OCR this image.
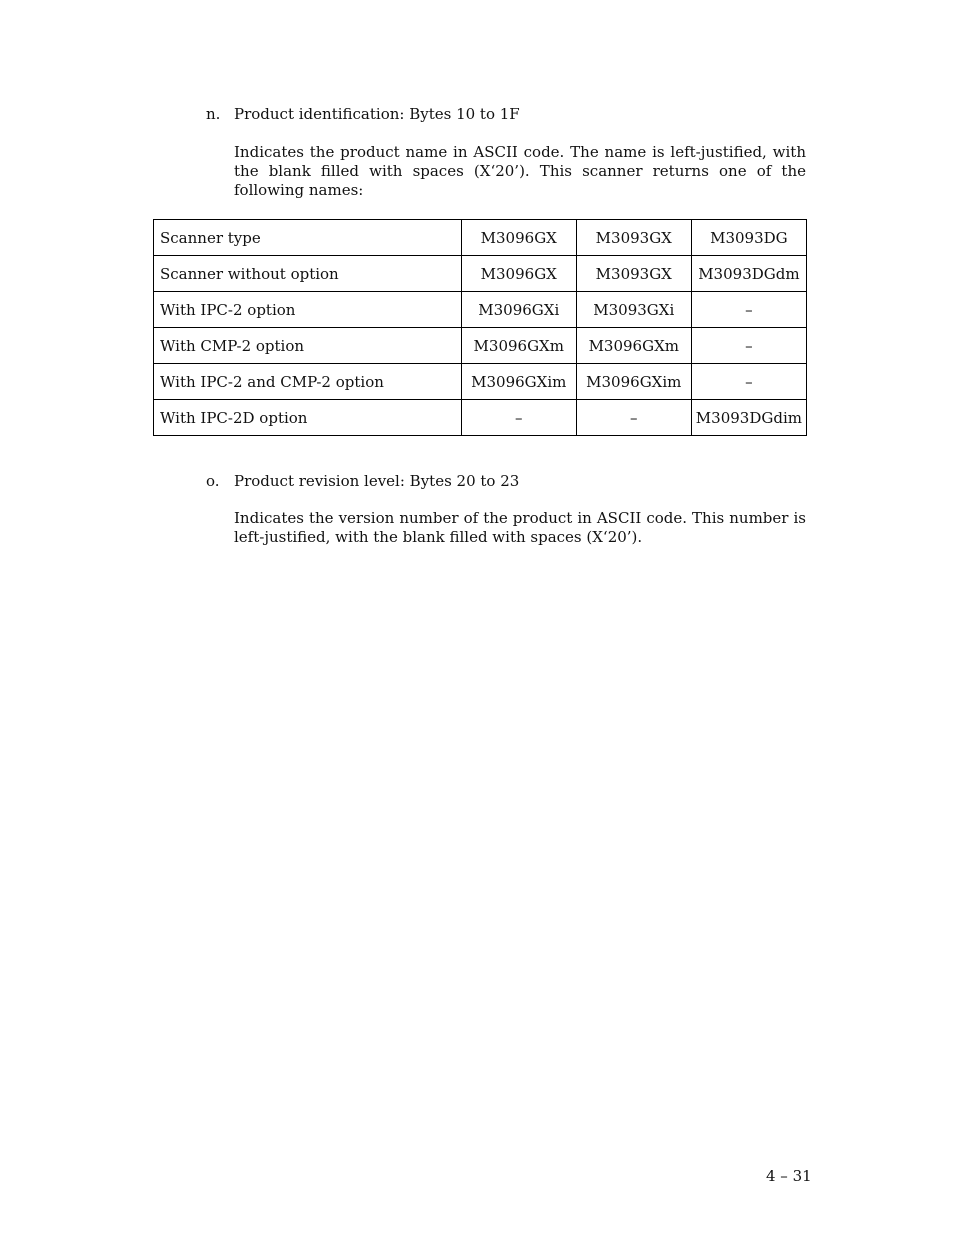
n. Product identification: Bytes 10 to 1F
Indicates the product name in ASCII code. The name is left-justified, with the blank filled with spaces (X‘20’). This scanner returns one of the following names:
Scanner type	M3096GX	M3093GX	M3093DG
Scanner without option	M3096GX	M3093GX	M3093DGdm
With IPC-2 option	M3096GXi	M3093GXi	–
With CMP-2 option	M3096GXm	M3096GXm	–
With IPC-2 and CMP-2 option	M3096GXim	M3096GXim	–
With IPC-2D option	–	–	M3093DGdim
o. Product revision level: Bytes 20 to 23
Indicates the version number of the product in ASCII code. This number is left-justified, with the blank filled with spaces (X‘20’).
4 – 31
